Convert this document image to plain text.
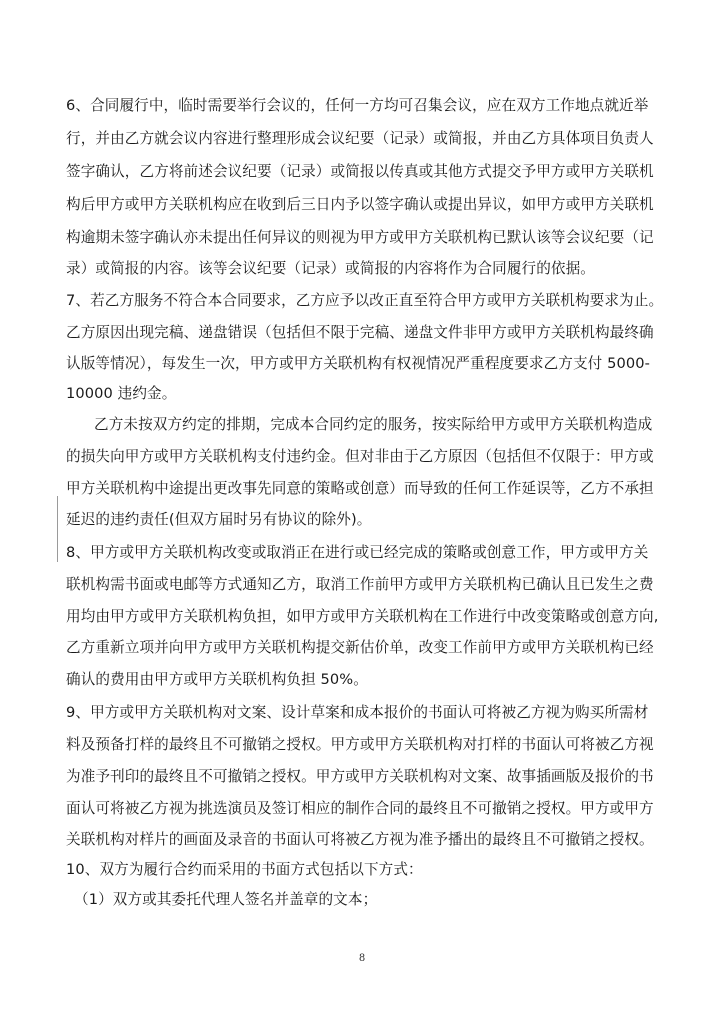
6、合同履行中，临时需要举行会议的，任何一方均可召集会议，应在双方工作地点就近举
行，并由乙方就会议内容进行整理形成会议纪要（记录）或简报，并由乙方具体项目负责人
签字确认，乙方将前述会议纪要（记录）或简报以传真或其他方式提交予甲方或甲方关联机
构后甲方或甲方关联机构应在收到后三日内予以签字确认或提出异议，如甲方或甲方关联机
构逾期未签字确认亦未提出任何异议的则视为甲方或甲方关联机构已默认该等会议纪要（记
录）或简报的内容。该等会议纪要（记录）或简报的内容将作为合同履行的依据。
7、若乙方服务不符合本合同要求，乙方应予以改正直至符合甲方或甲方关联机构要求为止。
乙方原因出现完稿、递盘错误（包括但不限于完稿、递盘文件非甲方或甲方关联机构最终确
认版等情况），每发生一次，甲方或甲方关联机构有权视情况严重程度要求乙方支付 5000-
10000 违约金。
乙方未按双方约定的排期，完成本合同约定的服务，按实际给甲方或甲方关联机构造成
的损失向甲方或甲方关联机构支付违约金。但对非由于乙方原因（包括但不仅限于：甲方或
甲方关联机构中途提出更改事先同意的策略或创意）而导致的任何工作延误等，乙方不承担
延迟的违约责任(但双方届时另有协议的除外)。
8、甲方或甲方关联机构改变或取消正在进行或已经完成的策略或创意工作，甲方或甲方关
联机构需书面或电邮等方式通知乙方，取消工作前甲方或甲方关联机构已确认且已发生之费
用均由甲方或甲方关联机构负担，如甲方或甲方关联机构在工作进行中改变策略或创意方向,
乙方重新立项并向甲方或甲方关联机构提交新估价单，改变工作前甲方或甲方关联机构已经
确认的费用由甲方或甲方关联机构负担 50%。
9、甲方或甲方关联机构对文案、设计草案和成本报价的书面认可将被乙方视为购买所需材
料及预备打样的最终且不可撤销之授权。甲方或甲方关联机构对打样的书面认可将被乙方视
为准予刊印的最终且不可撤销之授权。甲方或甲方关联机构对文案、故事插画版及报价的书
面认可将被乙方视为挑选演员及签订相应的制作合同的最终且不可撤销之授权。甲方或甲方
关联机构对样片的画面及录音的书面认可将被乙方视为准予播出的最终且不可撤销之授权。
10、双方为履行合约而采用的书面方式包括以下方式：
（1）双方或其委托代理人签名并盖章的文本；
8
